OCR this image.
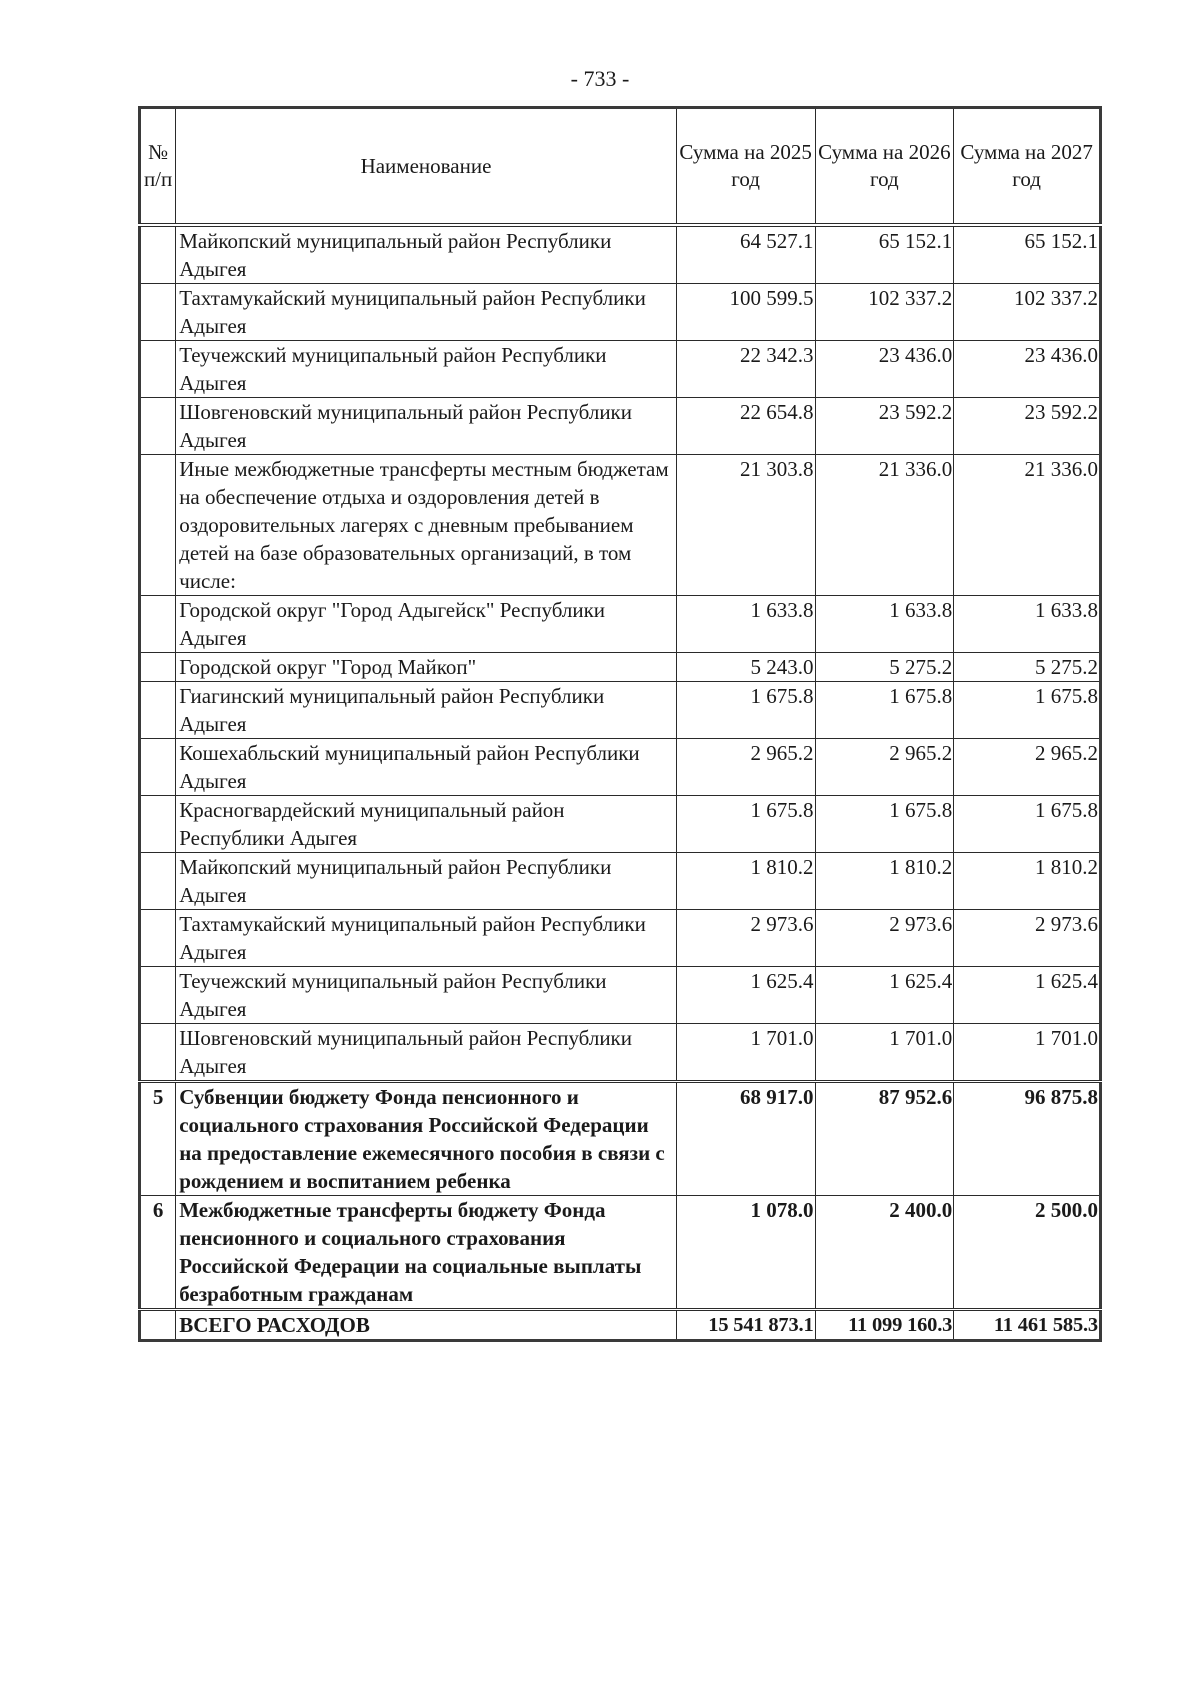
- 733 -
№ п/п	Наименование	Сумма на 2025 год	Сумма на 2026 год	Сумма на 2027 год
	Майкопский муниципальный район Республики Адыгея	64 527.1	65 152.1	65 152.1
	Тахтамукайский муниципальный район Республики Адыгея	100 599.5	102 337.2	102 337.2
	Теучежский муниципальный район Республики Адыгея	22 342.3	23 436.0	23 436.0
	Шовгеновский муниципальный район Республики Адыгея	22 654.8	23 592.2	23 592.2
	Иные межбюджетные трансферты местным бюджетам на обеспечение отдыха и оздоровления детей в оздоровительных лагерях с дневным пребыванием детей на базе образовательных организаций, в том числе:	21 303.8	21 336.0	21 336.0
	Городской округ "Город Адыгейск" Республики Адыгея	1 633.8	1 633.8	1 633.8
	Городской округ "Город Майкоп"	5 243.0	5 275.2	5 275.2
	Гиагинский муниципальный район Республики Адыгея	1 675.8	1 675.8	1 675.8
	Кошехабльский муниципальный район Республики Адыгея	2 965.2	2 965.2	2 965.2
	Красногвардейский муниципальный район Республики Адыгея	1 675.8	1 675.8	1 675.8
	Майкопский муниципальный район Республики Адыгея	1 810.2	1 810.2	1 810.2
	Тахтамукайский муниципальный район Республики Адыгея	2 973.6	2 973.6	2 973.6
	Теучежский муниципальный район Республики Адыгея	1 625.4	1 625.4	1 625.4
	Шовгеновский муниципальный район Республики Адыгея	1 701.0	1 701.0	1 701.0
5	Субвенции бюджету Фонда пенсионного и социального страхования Российской Федерации на предоставление ежемесячного пособия в связи с рождением и воспитанием ребенка	68 917.0	87 952.6	96 875.8
6	Межбюджетные трансферты бюджету Фонда пенсионного и социального страхования Российской Федерации на социальные выплаты безработным гражданам	1 078.0	2 400.0	2 500.0
	ВСЕГО РАСХОДОВ	15 541 873.1	11 099 160.3	11 461 585.3
